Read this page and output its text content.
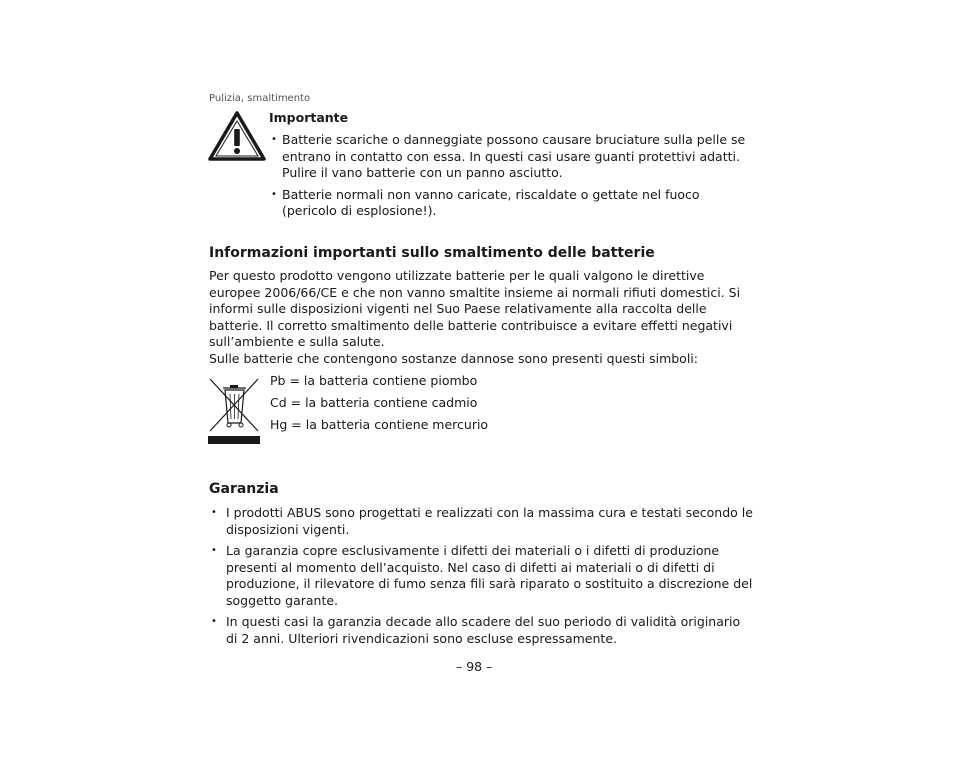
Pulizia, smaltimento
Importante
• Batterie scariche o danneggiate possono causare bruciature sulla pelle se entrano in contatto con essa. In questi casi usare guanti protettivi adatti. Pulire il vano batterie con un panno asciutto.
• Batterie normali non vanno caricate, riscaldate o gettate nel fuoco (pericolo di esplosione!).
Informazioni importanti sullo smaltimento delle batterie

Per questo prodotto vengono utilizzate batterie per le quali valgono le direttive europee 2006/66/CE e che non vanno smaltite insieme ai normali rifiuti domestici. Si informi sulle disposizioni vigenti nel Suo Paese relativamente alla raccolta delle batterie. Il corretto smaltimento delle batterie contribuisce a evitare effetti negativi sull’ambiente e sulla salute.

Sulle batterie che contengono sostanze dannose sono presenti questi simboli:

Pb = la batteria contiene piombo
Cd = la batteria contiene cadmio
Hg = la batteria contiene mercurio
Garanzia
• I prodotti ABUS sono progettati e realizzati con la massima cura e testati secondo le disposizioni vigenti.
• La garanzia copre esclusivamente i difetti dei materiali o i difetti di produzione presenti al momento dell’acquisto. Nel caso di difetti ai materiali o di difetti di produzione, il rilevatore di fumo senza fili sarà riparato o sostituito a discrezione del soggetto garante.
• In questi casi la garanzia decade allo scadere del suo periodo di validità originario di 2 anni. Ulteriori rivendicazioni sono escluse espressamente.
– 98 –
